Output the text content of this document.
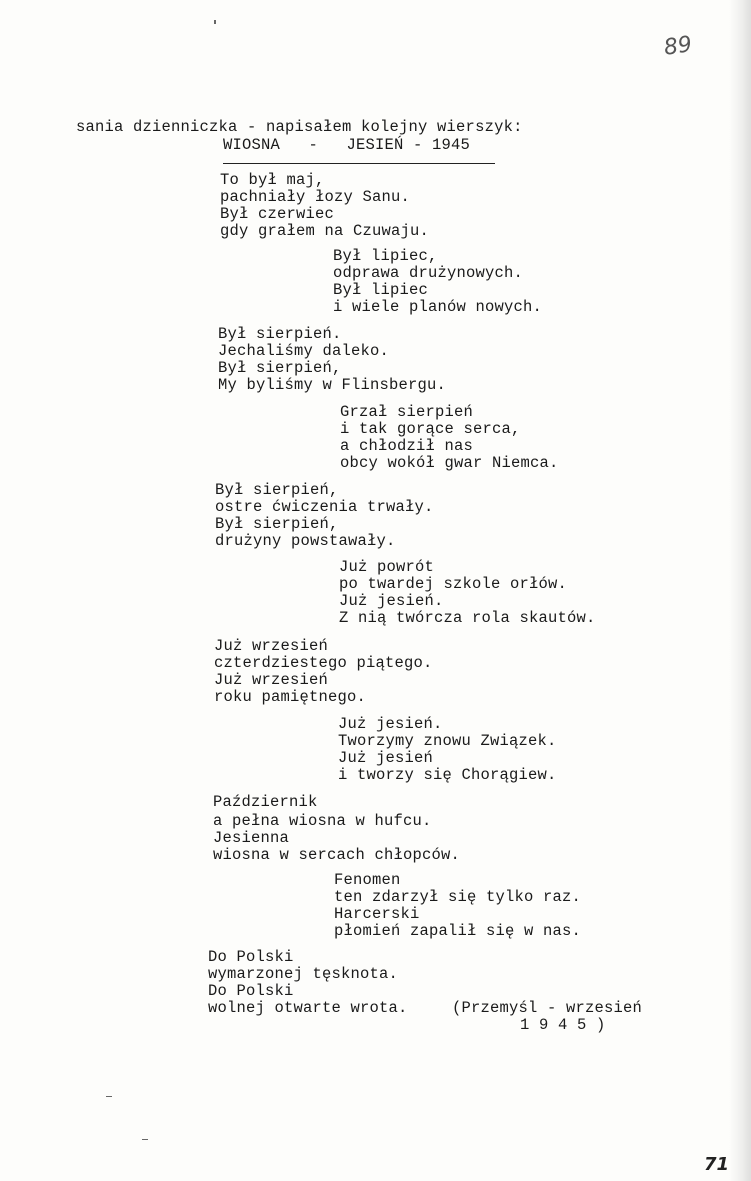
89
sania dzienniczka - napisałem kolejny wierszyk:
WIOSNA   -   JESIEŃ - 1945
To był maj,
pachniały łozy Sanu.
Był czerwiec
gdy grałem na Czuwaju.
Był lipiec,
odprawa drużynowych.
Był lipiec
i wiele planów nowych.
Był sierpień.
Jechaliśmy daleko.
Był sierpień,
My byliśmy w Flinsbergu.
Grzał sierpień
i tak gorące serca,
a chłodził nas
obcy wokół gwar Niemca.
Był sierpień,
ostre ćwiczenia trwały.
Był sierpień,
drużyny powstawały.
Już powrót
po twardej szkole orłów.
Już jesień.
Z nią twórcza rola skautów.
Już wrzesień
czterdziestego piątego.
Już wrzesień
roku pamiętnego.
Już jesień.
Tworzymy znowu Związek.
Już jesień
i tworzy się Chorągiew.
Październik
a pełna wiosna w hufcu.
Jesienna
wiosna w sercach chłopców.
Fenomen
ten zdarzył się tylko raz.
Harcerski
płomień zapalił się w nas.
Do Polski
wymarzonej tęsknota.
Do Polski
wolnej otwarte wrota.	(Przemyśl - wrzesień
1 9 4 5 )
71
